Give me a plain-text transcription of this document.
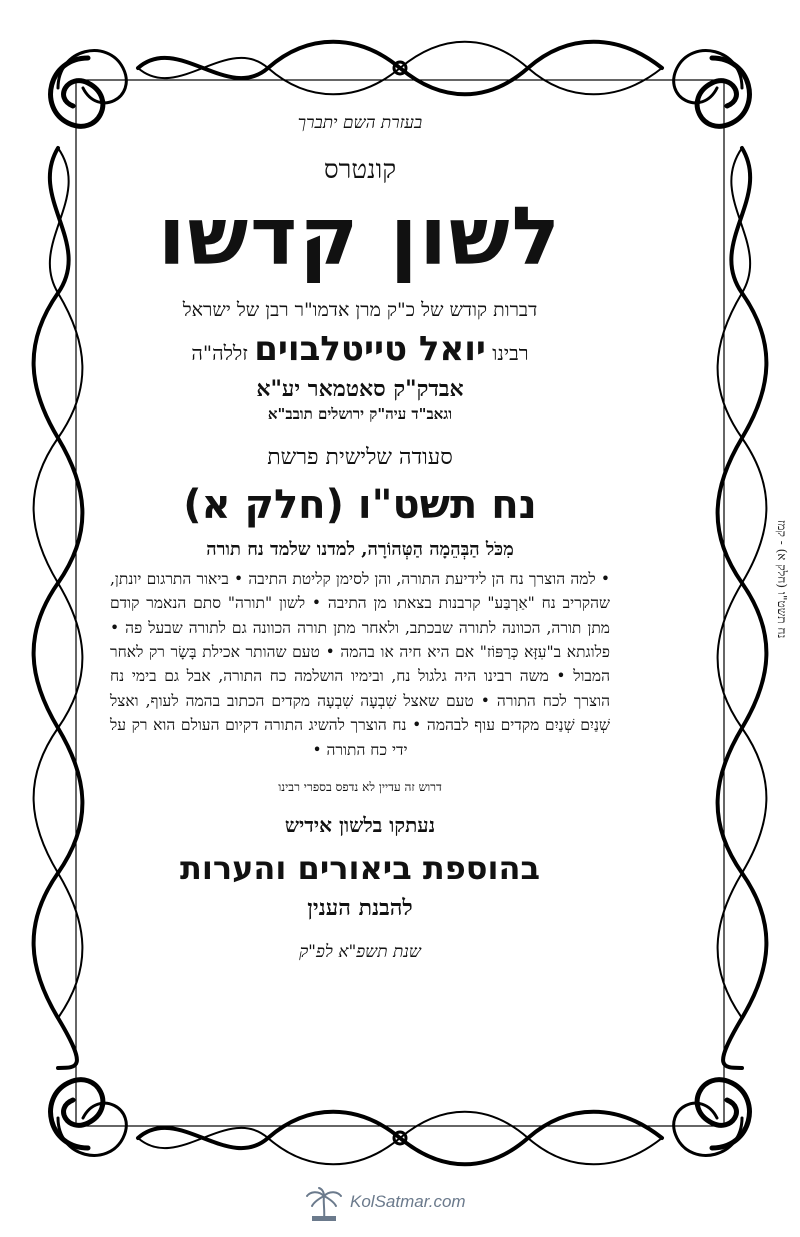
בעזרת השם יתברך

קונטרס

לשון קדשו

דברות קודש של כ"ק מרן אדמו"ר רבן של ישראל

רבינו יואל טייטלבוים זללה"ה

אבדק"ק סאטמאר יע"א

וגאב"ד עיה"ק ירושלים תובב"א

סעודה שלישית פרשת

נח תשט"ו (חלק א)

מִכֹּל הַבְּהֵמָה הַטְּהוֹרָה, למדנו שלמד נח תורה

• למה הוצרך נח הן לידיעת התורה, והן לסימן קליטת התיבה • ביאור התרגום יונתן, שהקריב נח "אַרְבַּע" קרבנות בצאתו מן התיבה • לשון "תורה" סתם הנאמר קודם מתן תורה, הכוונה לתורה שבכתב, ולאחר מתן תורה הכוונה גם לתורה שבעל פה • פלוגתא ב"עִזָּא כְּרַפּוֹז" אם היא חיה או בהמה • טעם שהותר אכילת בָּשָׂר רק לאחר המבול • משה רבינו היה גלגול נח, ובימיו הושלמה כח התורה, אבל גם בימי נח הוצרך לכח התורה • טעם שאצל שִׁבְעָה שִׁבְעָה מקדים הכתוב בהמה לעוף, ואצל שְׁנַיִם שְׁנַיִם מקדים עוף לבהמה • נח הוצרך להשיג התורה דקיום העולם הוא רק על ידי כח התורה •

דרוש זה עדיין לא נדפס בספרי רבינו

נעתקו בלשון אידיש

בהוספת ביאורים והערות

להבנת הענין

שנת תשפ"א לפ"ק

נח תשט"ו (חלק א) - קמז
KolSatmar.com
